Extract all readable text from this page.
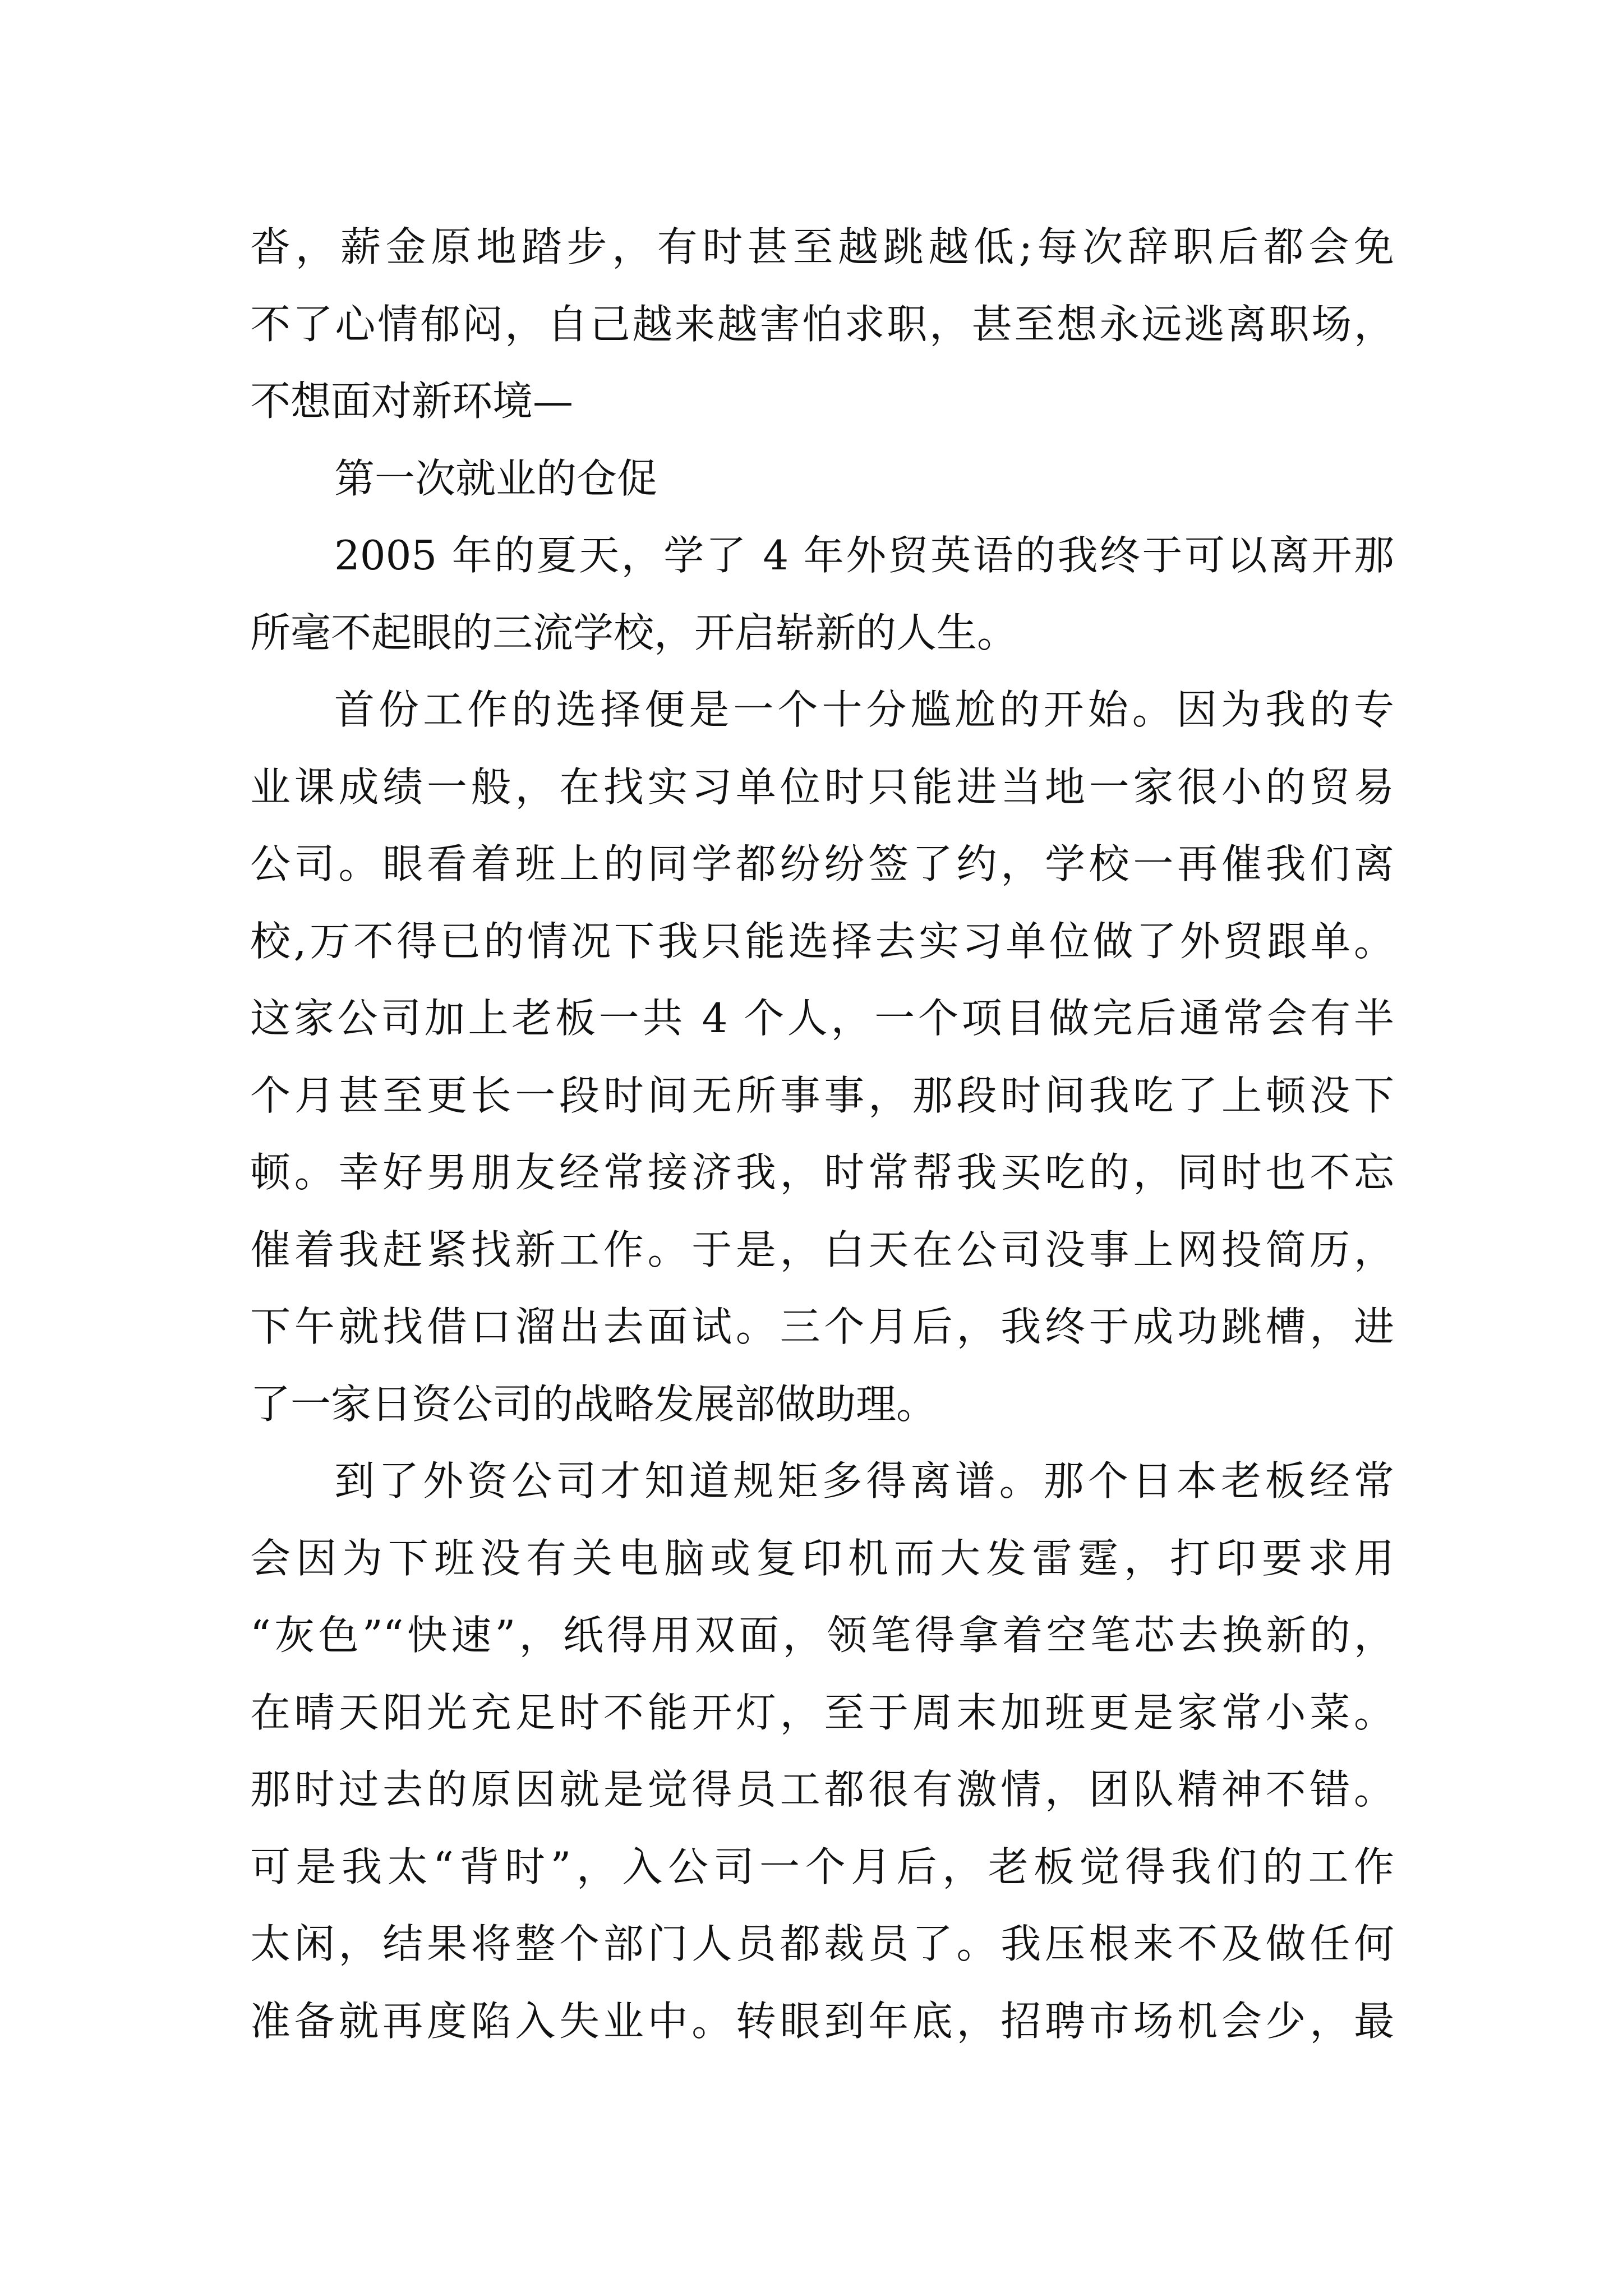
沓，薪金原地踏步，有时甚至越跳越低;每次辞职后都会免
不了心情郁闷，自己越来越害怕求职，甚至想永远逃离职场，
不想面对新环境—
第一次就业的仓促
2005 年的夏天，学了 4 年外贸英语的我终于可以离开那
所毫不起眼的三流学校，开启崭新的人生。
首份工作的选择便是一个十分尴尬的开始。因为我的专
业课成绩一般，在找实习单位时只能进当地一家很小的贸易
公司。眼看着班上的同学都纷纷签了约，学校一再催我们离
校,万不得已的情况下我只能选择去实习单位做了外贸跟单。
这家公司加上老板一共 4 个人，一个项目做完后通常会有半
个月甚至更长一段时间无所事事，那段时间我吃了上顿没下
顿。幸好男朋友经常接济我，时常帮我买吃的，同时也不忘
催着我赶紧找新工作。于是，白天在公司没事上网投简历，
下午就找借口溜出去面试。三个月后，我终于成功跳槽，进
了一家日资公司的战略发展部做助理。
到了外资公司才知道规矩多得离谱。那个日本老板经常
会因为下班没有关电脑或复印机而大发雷霆，打印要求用
“灰色”“快速”，纸得用双面，领笔得拿着空笔芯去换新的，
在晴天阳光充足时不能开灯，至于周末加班更是家常小菜。
那时过去的原因就是觉得员工都很有激情，团队精神不错。
可是我太“背时”，入公司一个月后，老板觉得我们的工作
太闲，结果将整个部门人员都裁员了。我压根来不及做任何
准备就再度陷入失业中。转眼到年底，招聘市场机会少，最
